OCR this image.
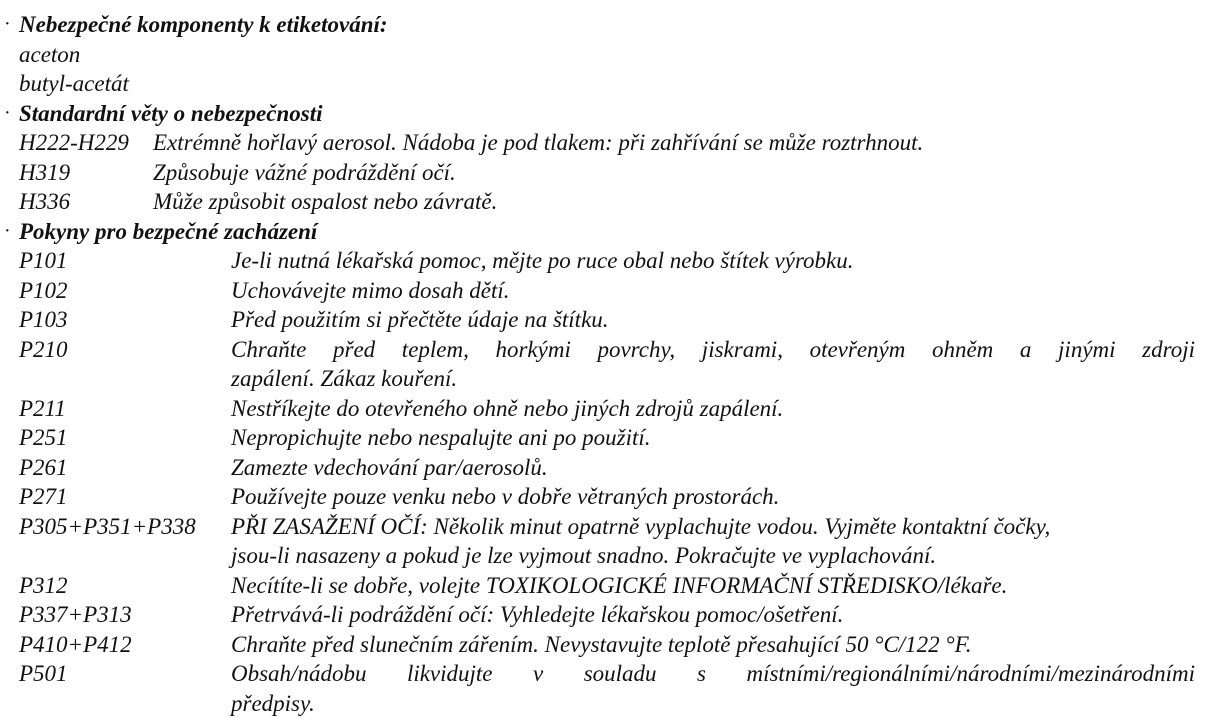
· Nebezpečné komponenty k etiketování:
aceton
butyl-acetát
· Standardní věty o nebezpečnosti
H222-H229 Extrémně hořlavý aerosol. Nádoba je pod tlakem: při zahřívání se může roztrhnout.
H319	Způsobuje vážné podráždění očí.
H336	Může způsobit ospalost nebo závratě.
· Pokyny pro bezpečné zacházení
P101	Je-li nutná lékařská pomoc, mějte po ruce obal nebo štítek výrobku.
P102	Uchovávejte mimo dosah dětí.
P103	Před použitím si přečtěte údaje na štítku.
P210	Chraňte před teplem, horkými povrchy, jiskrami, otevřeným ohněm a jinými zdroji
zapálení. Zákaz kouření.
P211	Nestříkejte do otevřeného ohně nebo jiných zdrojů zapálení.
P251	Nepropichujte nebo nespalujte ani po použití.
P261	Zamezte vdechování par/aerosolů.
P271	Používejte pouze venku nebo v dobře větraných prostorách.
P305+P351+P338 PŘI ZASAŽENÍ OČÍ: Několik minut opatrně vyplachujte vodou. Vyjměte kontaktní čočky,
jsou-li nasazeny a pokud je lze vyjmout snadno. Pokračujte ve vyplachování.
P312	Necítíte-li se dobře, volejte TOXIKOLOGICKÉ INFORMAČNÍ STŘEDISKO/lékaře.
P337+P313	Přetrvává-li podráždění očí: Vyhledejte lékařskou pomoc/ošetření.
P410+P412	Chraňte před slunečním zářením. Nevystavujte teplotě přesahující 50 °C/122 °F.
P501	Obsah/nádobu likvidujte v souladu s místními/regionálními/národními/mezinárodními
předpisy.
